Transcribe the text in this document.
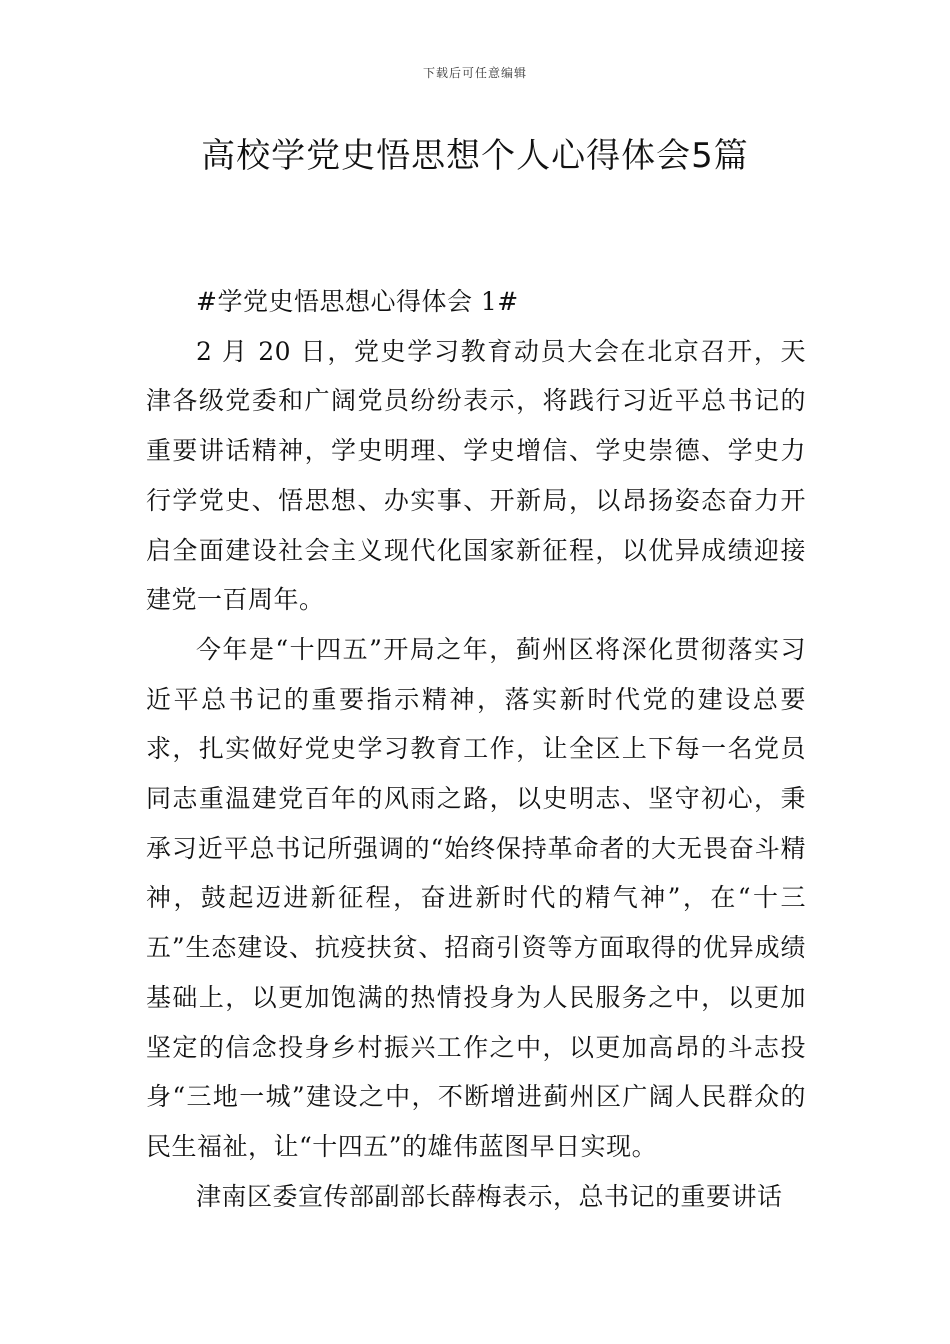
下载后可任意编辑
高校学党史悟思想个人心得体会5篇

#学党史悟思想心得体会 1#

2 月 20 日，党史学习教育动员大会在北京召开，天津各级党委和广阔党员纷纷表示，将践行习近平总书记的重要讲话精神，学史明理、学史增信、学史崇德、学史力行学党史、悟思想、办实事、开新局，以昂扬姿态奋力开启全面建设社会主义现代化国家新征程，以优异成绩迎接建党一百周年。

今年是“十四五”开局之年，蓟州区将深化贯彻落实习近平总书记的重要指示精神，落实新时代党的建设总要求，扎实做好党史学习教育工作，让全区上下每一名党员同志重温建党百年的风雨之路，以史明志、坚守初心，秉承习近平总书记所强调的“始终保持革命者的大无畏奋斗精神，鼓起迈进新征程，奋进新时代的精气神”，在“十三五”生态建设、抗疫扶贫、招商引资等方面取得的优异成绩基础上，以更加饱满的热情投身为人民服务之中，以更加坚定的信念投身乡村振兴工作之中，以更加高昂的斗志投身“三地一城”建设之中，不断增进蓟州区广阔人民群众的民生福祉，让“十四五”的雄伟蓝图早日实现。

津南区委宣传部副部长薛梅表示，总书记的重要讲话
